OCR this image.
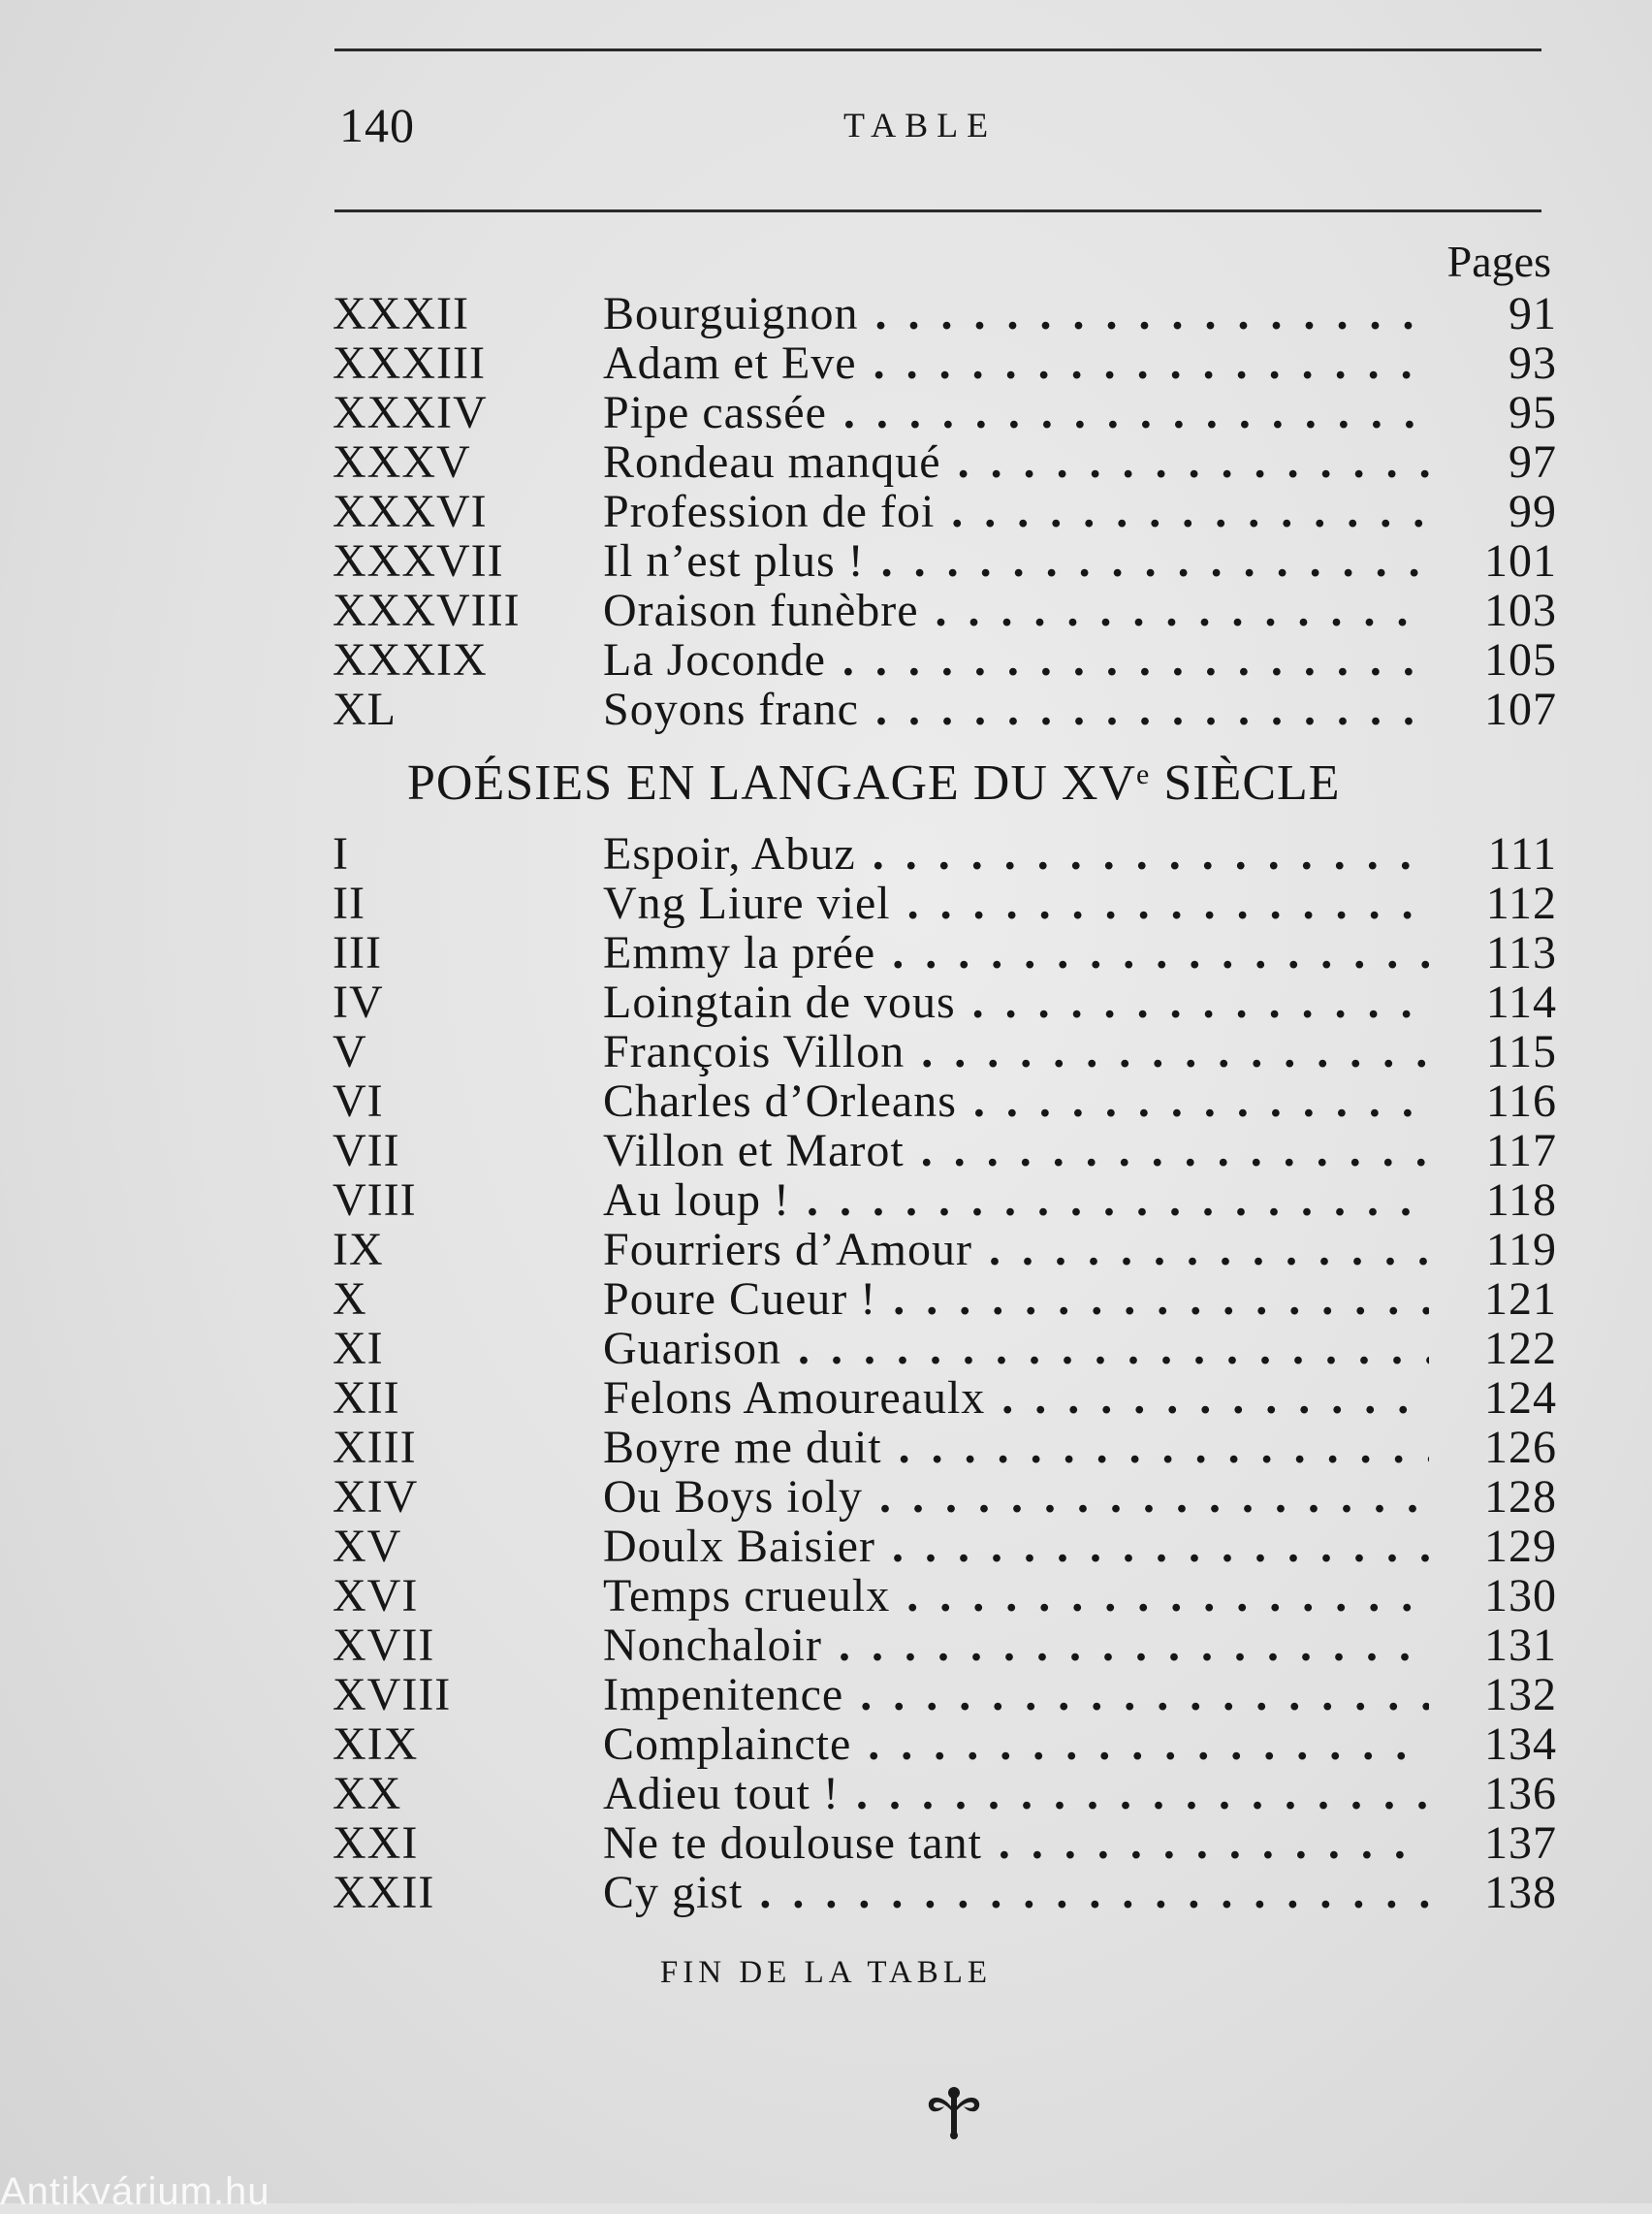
140	TABLE
Pages
XXXII	Bourguignon . . .	91
XXXIII	Adam et Eve . . .	93
XXXIV Pipe cassée . . .	95
XXXV	Rondeau manqué . . .	97
XXXVI Profession de foi . . .	99
XXXVII Il n’est plus ! . . .	101
XXXVIII Oraison funèbre . . .	103
XXXIX La Joconde . . .	105
XL	Soyons franc . . .	107
POÉSIES EN LANGAGE DU XVe SIÈCLE
I	Espoir, Abuz . . .	111
II	Vng Liure viel . . .	112
III	Emmy la prée . . .	113
IV	Loingtain de vous . . .	114
V	François Villon . . .	115
VI	Charles d’Orleans . . .	116
VII	Villon et Marot . . .	117
VIII	Au loup ! . . .	118
IX	Fourriers d’Amour . . .	119
X	Poure Cueur ! . . .	121
XI	Guarison . . .	122
XII	Felons Amoureaulx . . .	124
XIII	Boyre me duit . . .	126
XIV	Ou Boys ioly . . .	128
XV	Doulx Baisier . . .	129
XVI	Temps crueulx . . .	130
XVII	Nonchaloir . . .	131
XVIII	Impenitence . . .	132
XIX	Complaincte . . .	134
XX	Adieu tout ! . . .	136
XXI	Ne te doulouse tant . . .	137
XXII	Cy gist . . .	138
FIN DE LA TABLE
Antikvárium.hu
